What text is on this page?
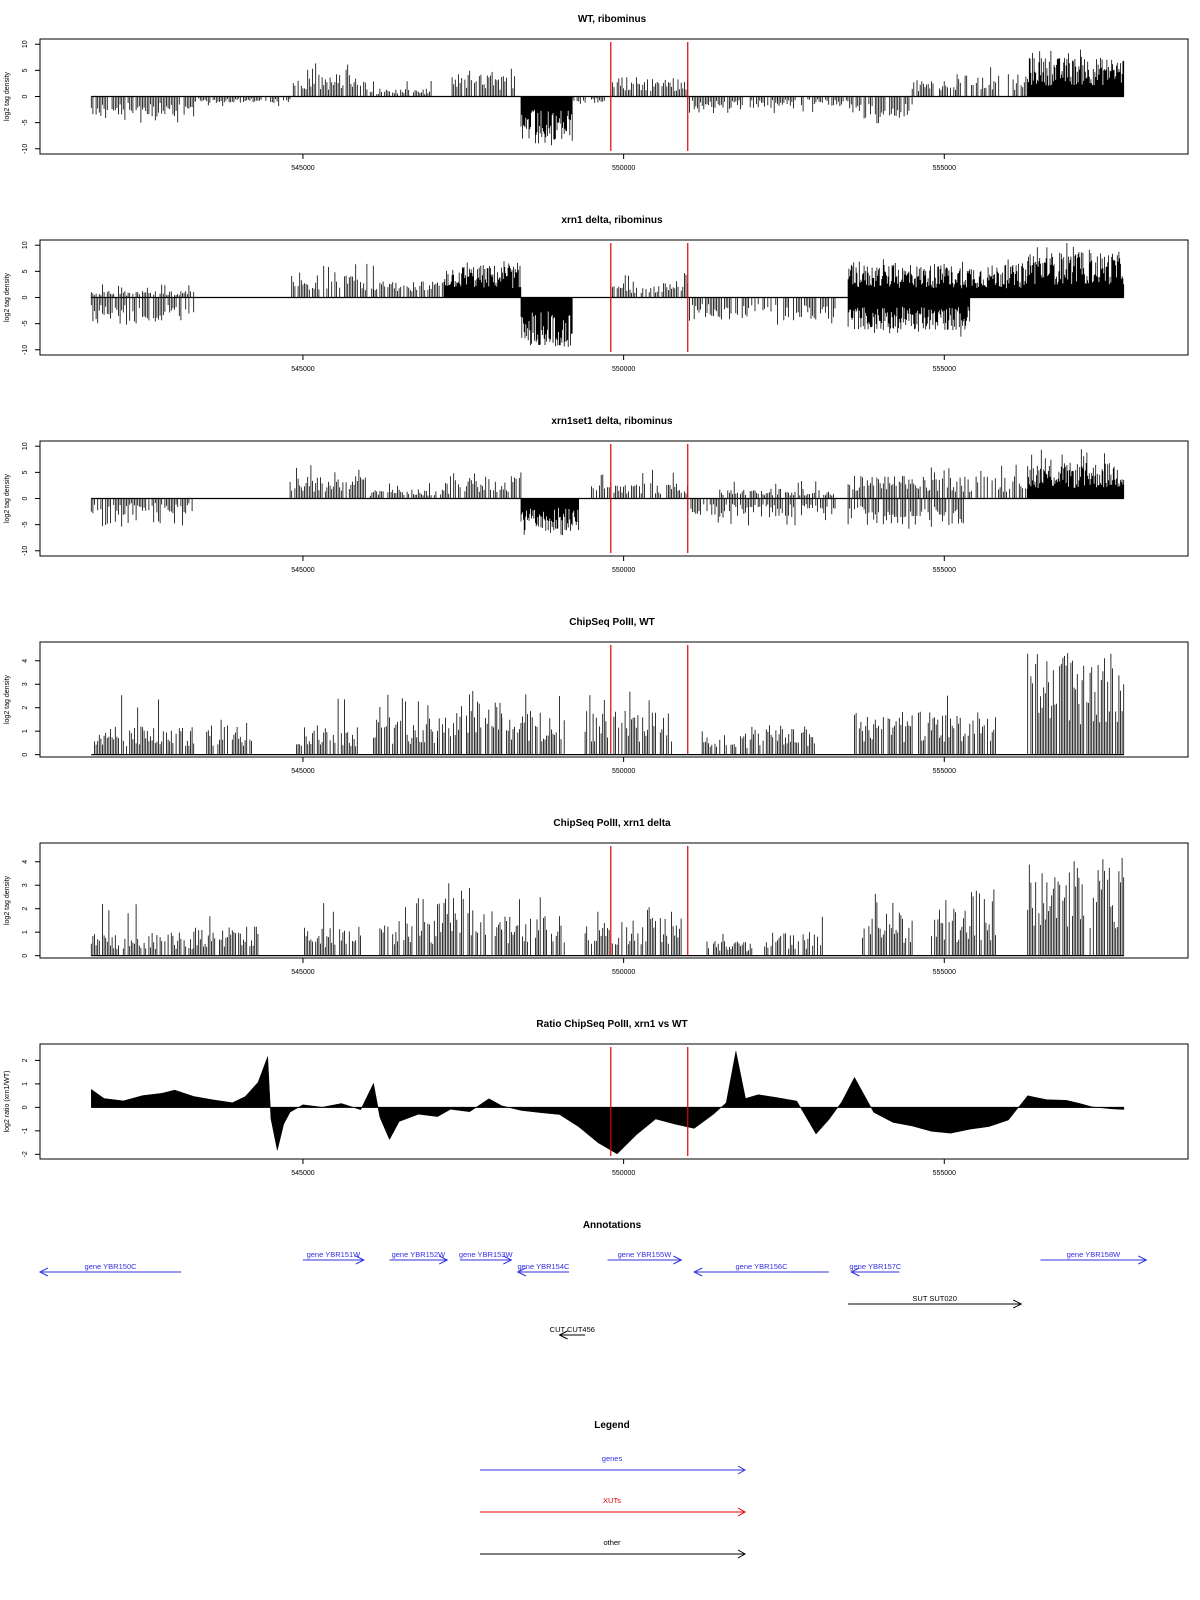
WT, ribominus
log2 tag density
-10
-5
0
5
10
545000	550000	555000
xrn1 delta, ribominus
log2 tag density
-10
-5
0
5
10
545000	550000	555000
xrn1set1 delta, ribominus
log2 tag density
-10
-5
0
5
10
545000	550000	555000
ChipSeq PolII, WT
log2 tag density
0
1
2
3
4
545000	550000	555000
ChipSeq PolII, xrn1 delta
log2 tag density
0
1
2
3
4
545000	550000	555000
Ratio ChipSeq PolII, xrn1 vs WT
log2 ratio (xrn1/WT)
-2
-1
0
1
2
545000	550000	555000
Annotations
gene YBR150C
gene YBR151W	gene YBR152W gene YBR153W
gene YBR154C
gene YBR155W
gene YBR156C	gene YBR157C
gene YBR158W
SUT SUT020
CUT CUT456
Legend
genes
XUTs
other
